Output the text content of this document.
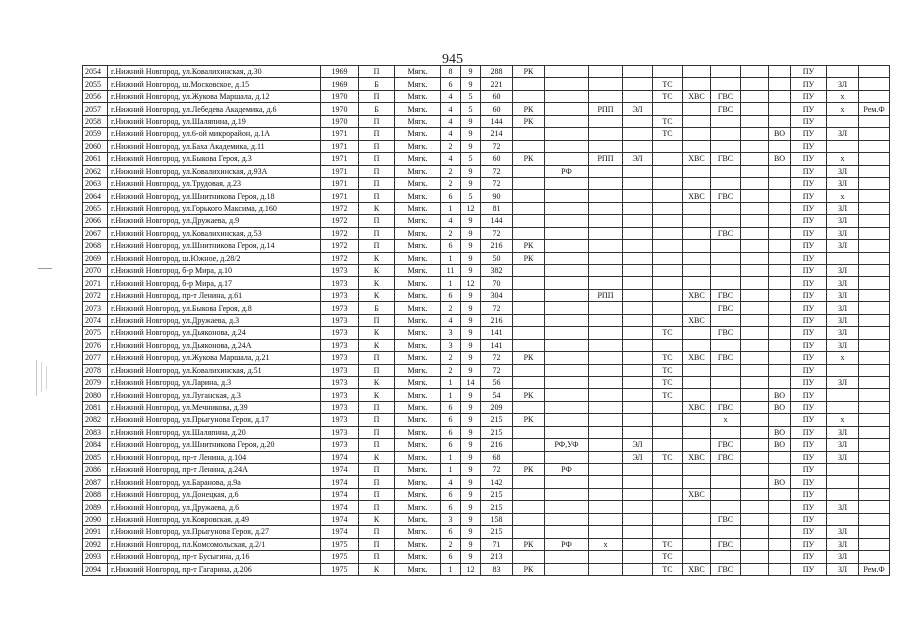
945
2054	г.Нижний Новгород, ул.Ковалихинская, д.30	1969	П	Мягк.	8	9	288	РК									ПУ		
2055	г.Нижний Новгород, ш.Московское, д.15	1969	Б	Мягк.	6	9	221					ТС					ПУ	ЗЛ	
2056	г.Нижний Новгород, ул.Жукова Маршала, д.12	1970	П	Мягк.	4	5	60					ТС	ХВС	ГВС			ПУ	х	
2057	г.Нижний Новгород, ул.Лебедева Академика, д.6	1970	Б	Мягк.	4	5	60	РК		РПП	ЭЛ			ГВС			ПУ	х	Рем.Ф
2058	г.Нижний Новгород, ул.Шаляпина, д.19	1970	П	Мягк.	4	9	144	РК				ТС					ПУ		
2059	г.Нижний Новгород, ул.6-ой микрорайон, д.1А	1971	П	Мягк.	4	9	214					ТС				ВО	ПУ	ЗЛ	
2060	г.Нижний Новгород, ул.Баха Академика, д.11	1971	П	Мягк.	2	9	72										ПУ		
2061	г.Нижний Новгород, ул.Быкова Героя, д.3	1971	П	Мягк.	4	5	60	РК		РПП	ЭЛ		ХВС	ГВС		ВО	ПУ	х	
2062	г.Нижний Новгород, ул.Ковалихинская, д.93А	1971	П	Мягк.	2	9	72		РФ								ПУ	ЗЛ	
2063	г.Нижний Новгород, ул.Трудовая, д.23	1971	П	Мягк.	2	9	72										ПУ	ЗЛ	
2064	г.Нижний Новгород, ул.Шнитникова Героя, д.18	1971	П	Мягк.	6	5	90						ХВС	ГВС			ПУ	х	
2065	г.Нижний Новгород, ул.Горького Максима, д.160	1972	К	Мягк.	1	12	81										ПУ	ЗЛ	
2066	г.Нижний Новгород, ул.Дружаева, д.9	1972	П	Мягк.	4	9	144										ПУ	ЗЛ	
2067	г.Нижний Новгород, ул.Ковалихинская, д.53	1972	П	Мягк.	2	9	72							ГВС			ПУ	ЗЛ	
2068	г.Нижний Новгород, ул.Шнитникова Героя, д.14	1972	П	Мягк.	6	9	216	РК									ПУ	ЗЛ	
2069	г.Нижний Новгород, ш.Южное, д.28/2	1972	К	Мягк.	1	9	50	РК									ПУ		
2070	г.Нижний Новгород, б-р Мира, д.10	1973	К	Мягк.	11	9	382										ПУ	ЗЛ	
2071	г.Нижний Новгород, б-р Мира, д.17	1973	К	Мягк.	1	12	70										ПУ	ЗЛ	
2072	г.Нижний Новгород, пр-т Ленина, д.61	1973	К	Мягк.	6	9	304			РПП			ХВС	ГВС			ПУ	ЗЛ	
2073	г.Нижний Новгород, ул.Быкова Героя, д.8	1973	Б	Мягк.	2	9	72							ГВС			ПУ	ЗЛ	
2074	г.Нижний Новгород, ул.Дружаева, д.3	1973	П	Мягк.	4	9	216						ХВС				ПУ	ЗЛ	
2075	г.Нижний Новгород, ул.Дьяконова, д.24	1973	К	Мягк.	3	9	141					ТС		ГВС			ПУ	ЗЛ	
2076	г.Нижний Новгород, ул.Дьяконова, д.24А	1973	К	Мягк.	3	9	141										ПУ	ЗЛ	
2077	г.Нижний Новгород, ул.Жукова Маршала, д.21	1973	П	Мягк.	2	9	72	РК				ТС	ХВС	ГВС			ПУ	х	
2078	г.Нижний Новгород, ул.Ковалихинская, д.51	1973	П	Мягк.	2	9	72					ТС					ПУ		
2079	г.Нижний Новгород, ул.Ларина, д.3	1973	К	Мягк.	1	14	56					ТС					ПУ	ЗЛ	
2080	г.Нижний Новгород, ул.Луганская, д.3	1973	К	Мягк.	1	9	54	РК				ТС				ВО	ПУ		
2081	г.Нижний Новгород, ул.Мечникова, д.39	1973	П	Мягк.	6	9	209						ХВС	ГВС		ВО	ПУ		
2082	г.Нижний Новгород, ул.Прыгунова Героя, д.17	1973	П	Мягк.	6	9	215	РК						х			ПУ	х	
2083	г.Нижний Новгород, ул.Шаляпина, д.20	1973	П	Мягк.	6	9	215									ВО	ПУ	ЗЛ	
2084	г.Нижний Новгород, ул.Шнитникова Героя, д.20	1973	П	Мягк.	6	9	216		РФ,УФ		ЭЛ			ГВС		ВО	ПУ	ЗЛ	
2085	г.Нижний Новгород, пр-т Ленина, д.104	1974	К	Мягк.	1	9	68				ЭЛ	ТС	ХВС	ГВС			ПУ	ЗЛ	
2086	г.Нижний Новгород, пр-т Ленина, д.24А	1974	П	Мягк.	1	9	72	РК	РФ								ПУ		
2087	г.Нижний Новгород, ул.Баранова, д.9а	1974	П	Мягк.	4	9	142									ВО	ПУ		
2088	г.Нижний Новгород, ул.Донецкая, д.6	1974	П	Мягк.	6	9	215						ХВС				ПУ		
2089	г.Нижний Новгород, ул.Дружаева, д.6	1974	П	Мягк.	6	9	215										ПУ	ЗЛ	
2090	г.Нижний Новгород, ул.Ковровская, д.49	1974	К	Мягк.	3	9	158							ГВС			ПУ		
2091	г.Нижний Новгород, ул.Прыгунова Героя, д.27	1974	П	Мягк.	6	9	215										ПУ	ЗЛ	
2092	г.Нижний Новгород, пл.Комсомольская, д.2/1	1975	П	Мягк.	2	9	71	РК	РФ	х		ТС		ГВС			ПУ	ЗЛ	
2093	г.Нижний Новгород, пр-т Бусыгина, д.16	1975	П	Мягк.	6	9	213					ТС					ПУ	ЗЛ	
2094	г.Нижний Новгород, пр-т Гагарина, д.206	1975	К	Мягк.	1	12	83	РК				ТС	ХВС	ГВС			ПУ	ЗЛ	Рем.Ф
